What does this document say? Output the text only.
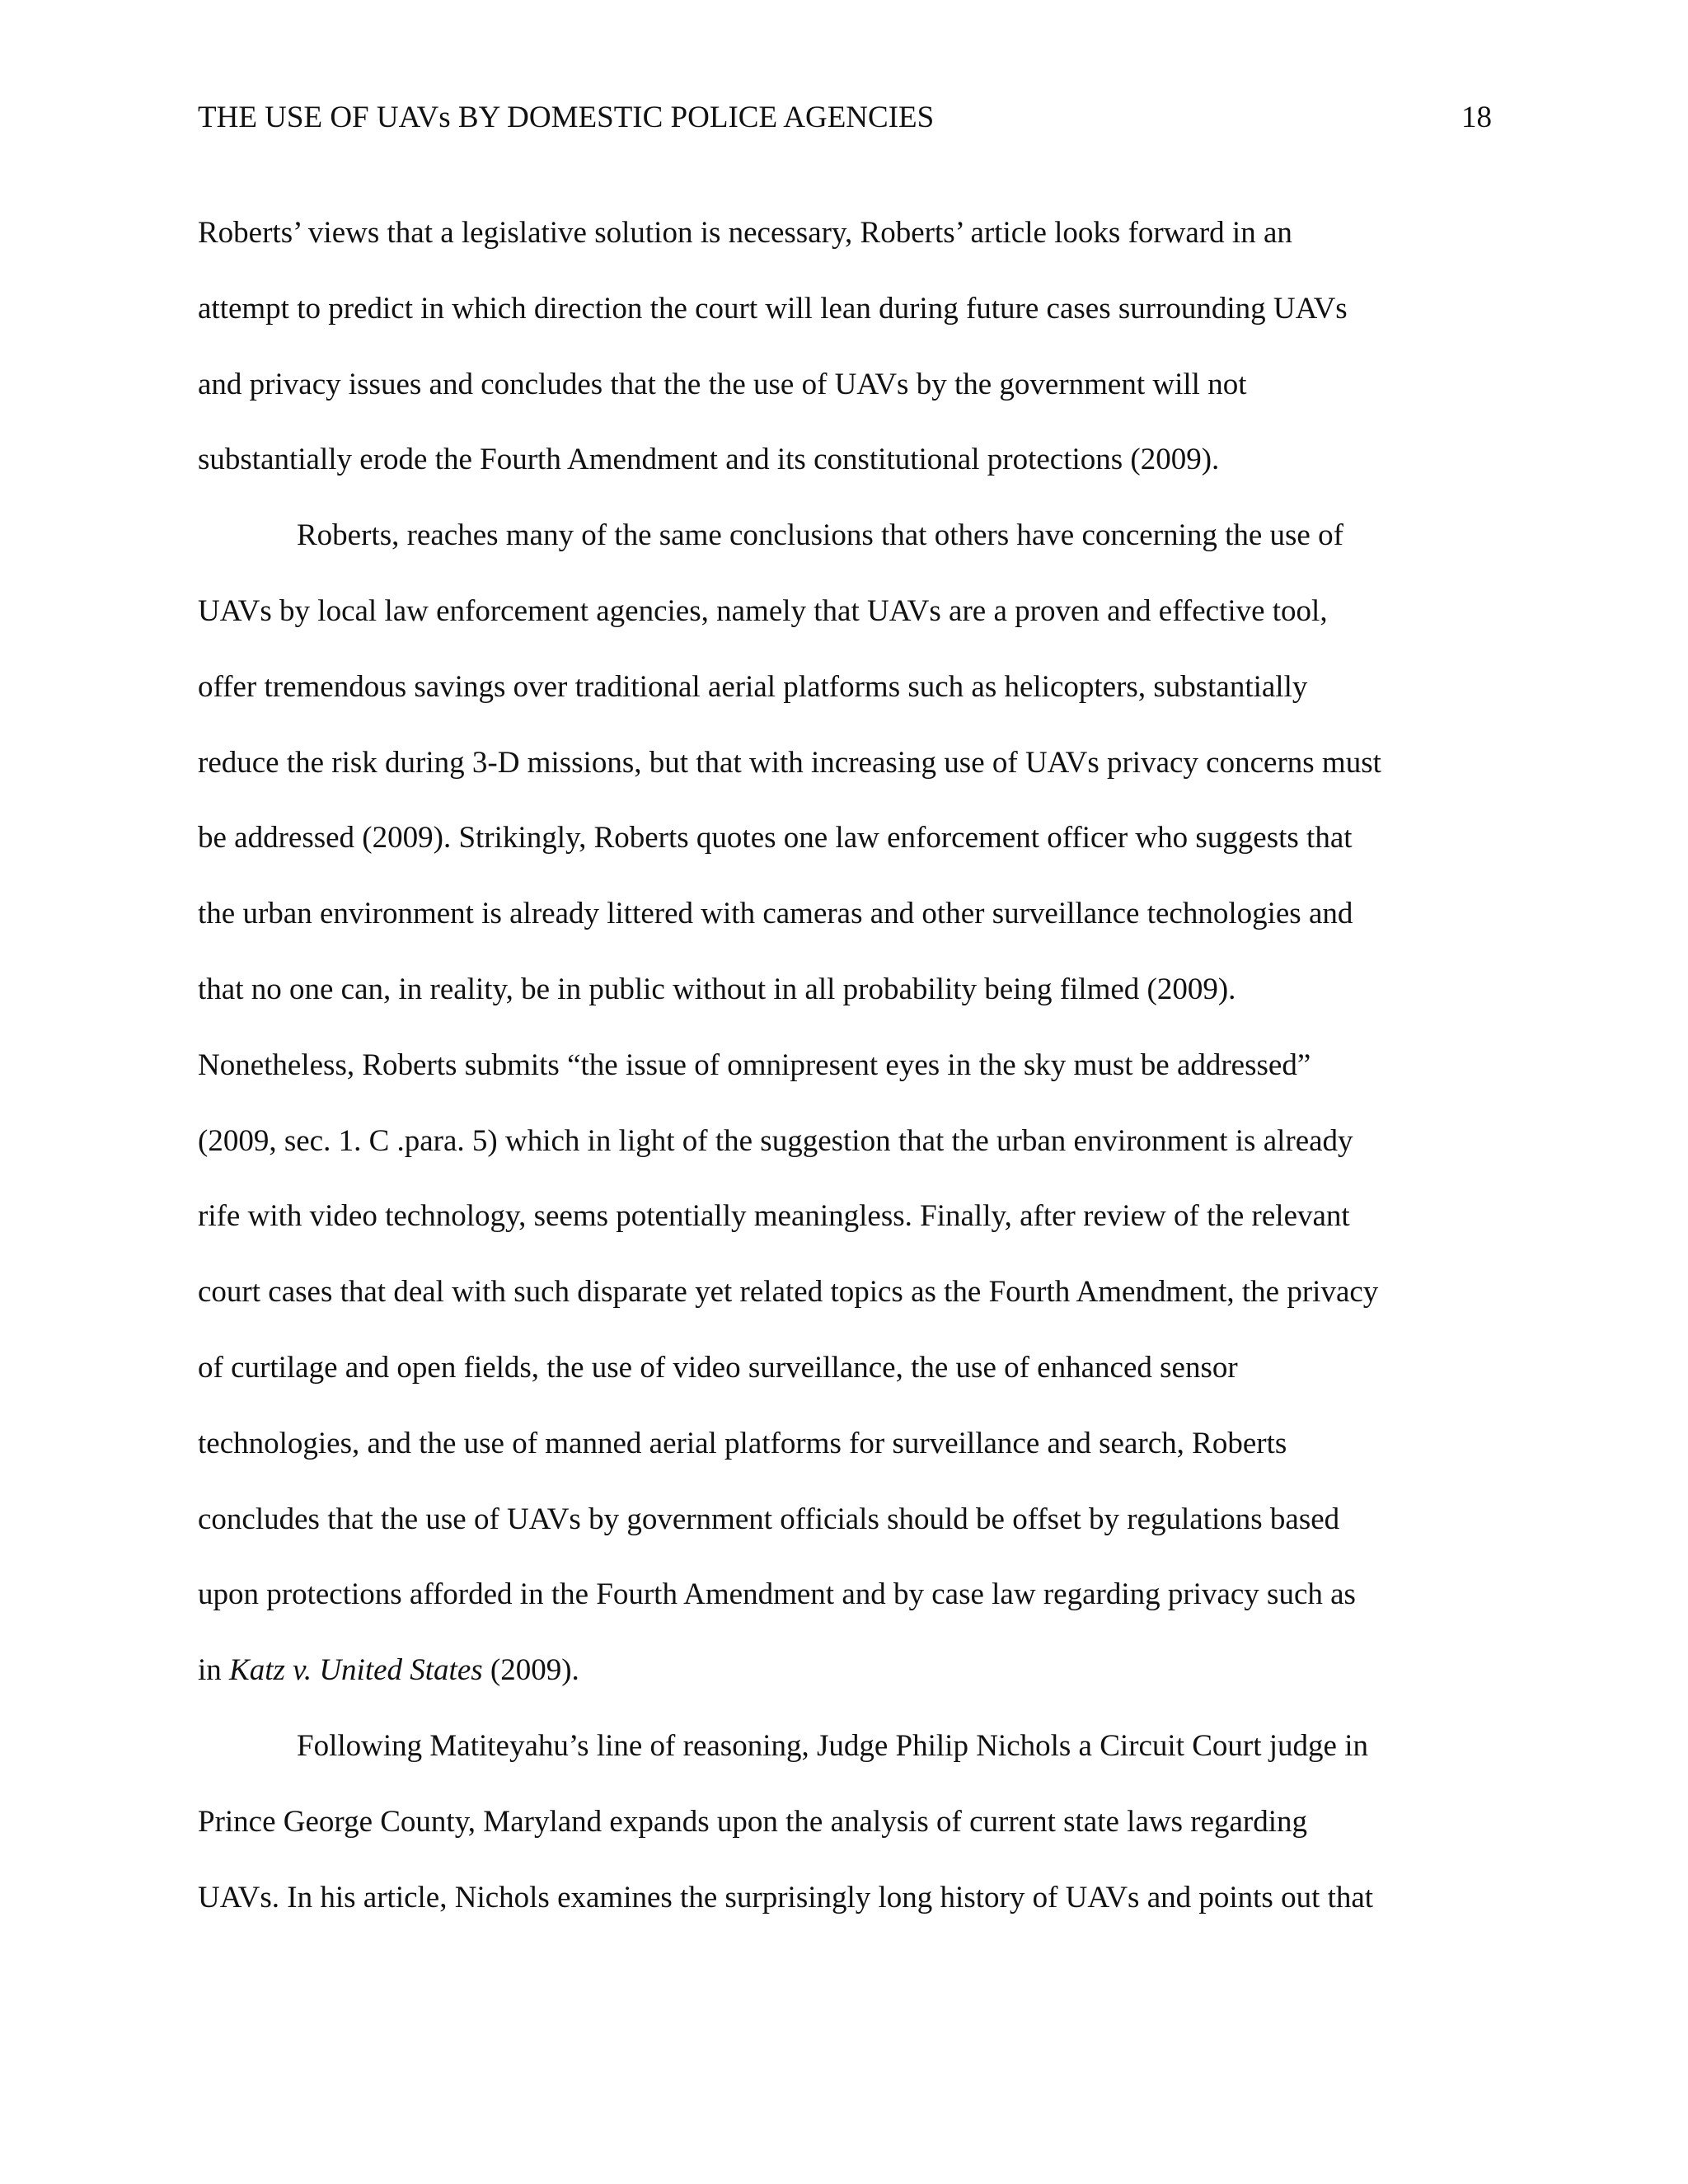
THE USE OF UAVs BY DOMESTIC POLICE AGENCIES	18
Roberts’ views that a legislative solution is necessary, Roberts’ article looks forward in an
attempt to predict in which direction the court will lean during future cases surrounding UAVs
and privacy issues and concludes that the the use of UAVs by the government will not
substantially erode the Fourth Amendment and its constitutional protections (2009).
Roberts, reaches many of the same conclusions that others have concerning the use of
UAVs by local law enforcement agencies, namely that UAVs are a proven and effective tool,
offer tremendous savings over traditional aerial platforms such as helicopters, substantially
reduce the risk during 3-D missions, but that with increasing use of UAVs privacy concerns must
be addressed (2009). Strikingly, Roberts quotes one law enforcement officer who suggests that
the urban environment is already littered with cameras and other surveillance technologies and
that no one can, in reality, be in public without in all probability being filmed (2009).
Nonetheless, Roberts submits “the issue of omnipresent eyes in the sky must be addressed”
(2009, sec. 1. C .para. 5) which in light of the suggestion that the urban environment is already
rife with video technology, seems potentially meaningless. Finally, after review of the relevant
court cases that deal with such disparate yet related topics as the Fourth Amendment, the privacy
of curtilage and open fields, the use of video surveillance, the use of enhanced sensor
technologies, and the use of manned aerial platforms for surveillance and search, Roberts
concludes that the use of UAVs by government officials should be offset by regulations based
upon protections afforded in the Fourth Amendment and by case law regarding privacy such as
in Katz v. United States (2009).
Following Matiteyahu’s line of reasoning, Judge Philip Nichols a Circuit Court judge in
Prince George County, Maryland expands upon the analysis of current state laws regarding
UAVs. In his article, Nichols examines the surprisingly long history of UAVs and points out that
